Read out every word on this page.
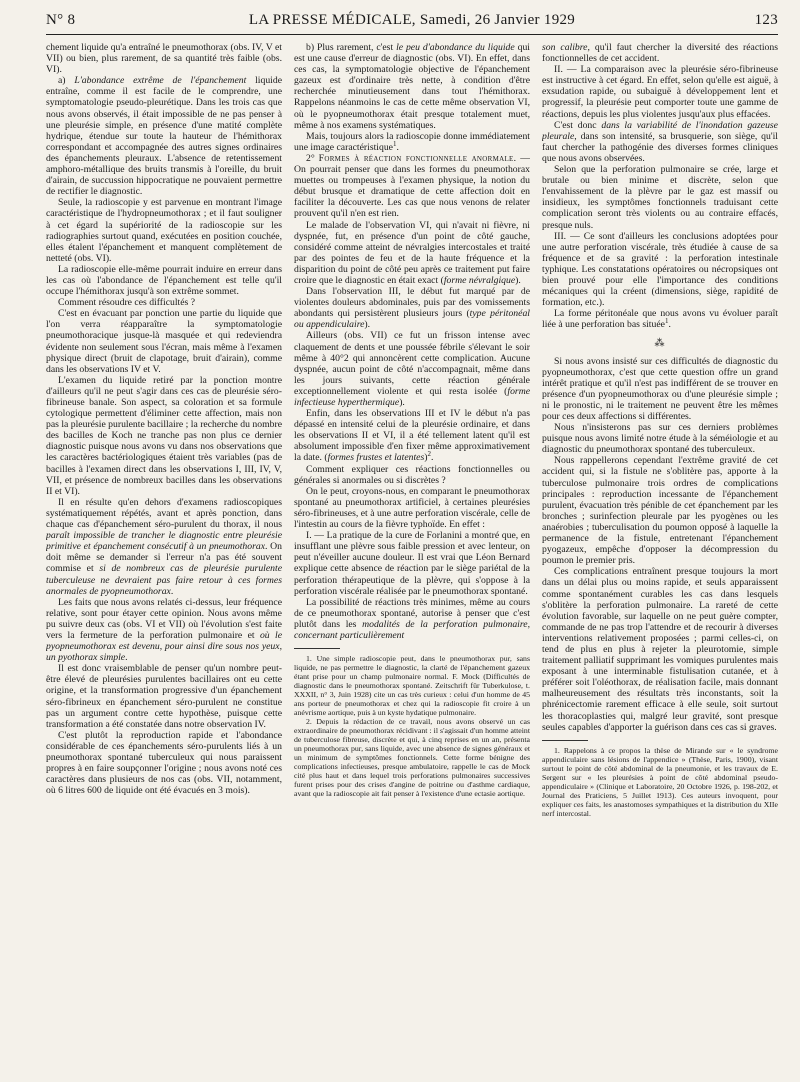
N° 8	LA PRESSE MÉDICALE, Samedi, 26 Janvier 1929	123

chement liquide qu'a entraîné le pneumothorax (obs. IV, V et VII) ou bien, plus rarement, de sa quantité très faible (obs. VI).

a) L'abondance extrême de l'épanchement liquide entraîne, comme il est facile de le comprendre, une symptomatologie pseudo-pleurétique. Dans les trois cas que nous avons observés, il était impossible de ne pas penser à une pleurésie simple, en présence d'une matité complète hydrique, étendue sur toute la hauteur de l'hémithorax correspondant et accompagnée des autres signes ordinaires des épanchements pleuraux. L'absence de retentissement amphoro-métallique des bruits transmis à l'oreille, du bruit d'airain, de succussion hippocratique ne pouvaient permettre de rectifier le diagnostic.

Seule, la radioscopie y est parvenue en montrant l'image caractéristique de l'hydropneumothorax ; et il faut souligner à cet égard la supériorité de la radioscopie sur les radiographies surtout quand, exécutées en position couchée, elles étalent l'épanchement et manquent complètement de netteté (obs. VI).

La radioscopie elle-même pourrait induire en erreur dans les cas où l'abondance de l'épanchement est telle qu'il occupe l'hémithorax jusqu'à son extrême sommet.

Comment résoudre ces difficultés ?

C'est en évacuant par ponction une partie du liquide que l'on verra réapparaître la symptomatologie pneumothoracique jusque-là masquée et qui redeviendra évidente non seulement sous l'écran, mais même à l'examen physique direct (bruit de clapotage, bruit d'airain), comme dans les observations IV et V.

L'examen du liquide retiré par la ponction montre d'ailleurs qu'il ne peut s'agir dans ces cas de pleurésie séro-fibrineuse banale. Son aspect, sa coloration et sa formule cytologique permettent d'éliminer cette affection, mais non pas la pleurésie purulente bacillaire ; la recherche du nombre des bacilles de Koch ne tranche pas non plus ce dernier diagnostic puisque nous avons vu dans nos observations que les caractères bactériologiques étaient très variables (pas de bacilles à l'examen direct dans les observations I, III, IV, V, VII, et présence de nombreux bacilles dans les observations II et VI).

Il en résulte qu'en dehors d'examens radioscopiques systématiquement répétés, avant et après ponction, dans chaque cas d'épanchement séro-purulent du thorax, il nous paraît impossible de trancher le diagnostic entre pleurésie primitive et épanchement consécutif à un pneumothorax. On doit même se demander si l'erreur n'a pas été souvent commise et si de nombreux cas de pleurésie purulente tuberculeuse ne devraient pas faire retour à ces formes anormales de pyopneumothorax.

Les faits que nous avons relatés ci-dessus, leur fréquence relative, sont pour étayer cette opinion. Nous avons même pu suivre deux cas (obs. VI et VII) où l'évolution s'est faite vers la fermeture de la perforation pulmonaire et où le pyopneumothorax est devenu, pour ainsi dire sous nos yeux, un pyothorax simple.

Il est donc vraisemblable de penser qu'un nombre peut-être élevé de pleurésies purulentes bacillaires ont eu cette origine, et la transformation progressive d'un épanchement séro-fibrineux en épanchement séro-purulent ne constitue pas un argument contre cette hypothèse, puisque cette transformation a été constatée dans notre observation IV.

C'est plutôt la reproduction rapide et l'abondance considérable de ces épanchements séro-purulents liés à un pneumothorax spontané tuberculeux qui nous paraissent propres à en faire soupçonner l'origine ; nous avons noté ces caractères dans plusieurs de nos cas (obs. VII, notamment, où 6 litres 600 de liquide ont été évacués en 3 mois).

b) Plus rarement, c'est le peu d'abondance du liquide qui est une cause d'erreur de diagnostic (obs. VI). En effet, dans ces cas, la symptomatologie objective de l'épanchement gazeux est d'ordinaire très nette, à condition d'être recherchée minutieusement dans tout l'hémithorax. Rappelons néanmoins le cas de cette même observation VI, où le pyopneumothorax était presque totalement muet, même à nos examens systématiques.

Mais, toujours alors la radioscopie donne immédiatement une image caractéristique$^1$.

2° Formes à réaction fonctionnelle anormale. — On pourrait penser que dans les formes du pneumothorax muettes ou trompeuses à l'examen physique, la notion du début brusque et dramatique de cette affection doit en faciliter la découverte. Les cas que nous venons de relater prouvent qu'il n'en est rien.

Le malade de l'observation VI, qui n'avait ni fièvre, ni dyspnée, fut, en présence d'un point de côté gauche, considéré comme atteint de névralgies intercostales et traité par des pointes de feu et de la haute fréquence et la disparition du point de côté peu après ce traitement put faire croire que le diagnostic en était exact (forme névralgique).

Dans l'observation III, le début fut marqué par de violentes douleurs abdominales, puis par des vomissements abondants qui persistèrent plusieurs jours (type péritonéal ou appendiculaire).

Ailleurs (obs. VII) ce fut un frisson intense avec claquement de dents et une poussée fébrile s'élevant le soir même à 40°2 qui annoncèrent cette complication. Aucune dyspnée, aucun point de côté n'accompagnait, même dans les jours suivants, cette réaction générale exceptionnellement violente et qui resta isolée (forme infectieuse hyperthermique).

Enfin, dans les observations III et IV le début n'a pas dépassé en intensité celui de la pleurésie ordinaire, et dans les observations II et VI, il a été tellement latent qu'il est absolument impossible d'en fixer même approximativement la date. (formes frustes et latentes)$^2$.

Comment expliquer ces réactions fonctionnelles ou générales si anormales ou si discrètes ?

On le peut, croyons-nous, en comparant le pneumothorax spontané au pneumothorax artificiel, à certaines pleurésies séro-fibrineuses, et à une autre perforation viscérale, celle de l'intestin au cours de la fièvre typhoïde. En effet :

I. — La pratique de la cure de Forlanini a montré que, en insufflant une plèvre sous faible pression et avec lenteur, on peut n'éveiller aucune douleur. Il est vrai que Léon Bernard explique cette absence de réaction par le siège pariétal de la perforation thérapeutique de la plèvre, qui s'oppose à la perforation viscérale réalisée par le pneumothorax spontané.

La possibilité de réactions très minimes, même au cours de ce pneumothorax spontané, autorise à penser que c'est plutôt dans les modalités de la perforation pulmonaire, concernant particulièrement

1. Une simple radioscopie peut, dans le pneumothorax pur, sans liquide, ne pas permettre le diagnostic, la clarté de l'épanchement gazeux étant prise pour un champ pulmonaire normal. F. Mock (Difficultés de diagnostic dans le pneumothorax spontané. Zeitschrift für Tuberkulose, t. XXXII, n° 3, Juin 1928) cite un cas très curieux : celui d'un homme de 45 ans porteur de pneumothorax et chez qui la radioscopie fit croire à un anévrisme aortique, puis à un kyste hydatique pulmonaire.

2. Depuis la rédaction de ce travail, nous avons observé un cas extraordinaire de pneumothorax récidivant : il s'agissait d'un homme atteint de tuberculose fibreuse, discrète et qui, à cinq reprises en un an, présenta un pneumothorax pur, sans liquide, avec une absence de signes généraux et un minimum de symptômes fonctionnels. Cette forme bénigne des complications infectieuses, presque ambulatoire, rappelle le cas de Mock cité plus haut et dans lequel trois perforations pulmonaires successives furent prises pour des crises d'angine de poitrine ou d'asthme cardiaque, avant que la radioscopie ait fait penser à l'existence d'une ectasie aortique.

son calibre, qu'il faut chercher la diversité des réactions fonctionnelles de cet accident.

II. — La comparaison avec la pleurésie séro-fibrineuse est instructive à cet égard. En effet, selon qu'elle est aiguë, à exsudation rapide, ou subaiguë à développement lent et progressif, la pleurésie peut comporter toute une gamme de réactions, depuis les plus violentes jusqu'aux plus effacées.

C'est donc dans la variabilité de l'inondation gazeuse pleurale, dans son intensité, sa brusquerie, son siège, qu'il faut chercher la pathogénie des diverses formes cliniques que nous avons observées.

Selon que la perforation pulmonaire se crée, large et brutale ou bien minime et discrète, selon que l'envahissement de la plèvre par le gaz est massif ou insidieux, les symptômes fonctionnels traduisant cette complication seront très violents ou au contraire effacés, presque nuls.

III. — Ce sont d'ailleurs les conclusions adoptées pour une autre perforation viscérale, très étudiée à cause de sa fréquence et de sa gravité : la perforation intestinale typhique. Les constatations opératoires ou nécropsiques ont bien prouvé pour elle l'importance des conditions mécaniques qui la créent (dimensions, siège, rapidité de formation, etc.).

La forme péritonéale que nous avons vu évoluer paraît liée à une perforation bas située$^1$.

⁂

Si nous avons insisté sur ces difficultés de diagnostic du pyopneumothorax, c'est que cette question offre un grand intérêt pratique et qu'il n'est pas indifférent de se trouver en présence d'un pyopneumothorax ou d'une pleurésie simple ; ni le pronostic, ni le traitement ne peuvent être les mêmes pour ces deux affections si différentes.

Nous n'insisterons pas sur ces derniers problèmes puisque nous avons limité notre étude à la séméiologie et au diagnostic du pneumothorax spontané des tuberculeux.

Nous rappellerons cependant l'extrême gravité de cet accident qui, si la fistule ne s'oblitère pas, apporte à la tuberculose pulmonaire trois ordres de complications principales : reproduction incessante de l'épanchement purulent, évacuation très pénible de cet épanchement par les bronches ; surinfection pleurale par les pyogènes ou les anaérobies ; tuberculisation du poumon opposé à laquelle la permanence de la fistule, entretenant l'épanchement pyogazeux, empêche d'opposer la décompression du poumon le premier pris.

Ces complications entraînent presque toujours la mort dans un délai plus ou moins rapide, et seuls apparaissent comme spontanément curables les cas dans lesquels s'oblitère la perforation pulmonaire. La rareté de cette évolution favorable, sur laquelle on ne peut guère compter, commande de ne pas trop l'attendre et de recourir à diverses interventions relativement proposées ; parmi celles-ci, on tend de plus en plus à rejeter la pleurotomie, simple traitement palliatif supprimant les vomiques purulentes mais exposant à une interminable fistulisation cutanée, et à préférer soit l'oléothorax, de réalisation facile, mais donnant malheureusement des résultats très inconstants, soit la phrénicectomie rarement efficace à elle seule, soit surtout les thoracoplasties qui, malgré leur gravité, sont presque seules capables d'apporter la guérison dans ces cas si graves.

1. Rappelons à ce propos la thèse de Mirande sur « le syndrome appendiculaire sans lésions de l'appendice » (Thèse, Paris, 1900), visant surtout le point de côté abdominal de la pneumonie, et les travaux de E. Sergent sur « les pleurésies à point de côté abdominal pseudo-appendiculaire » (Clinique et Laboratoire, 20 Octobre 1926, p. 198-202, et Journal des Praticiens, 5 Juillet 1913). Ces auteurs invoquent, pour expliquer ces faits, les anastomoses sympathiques et la distribution du XIIe nerf intercostal.
